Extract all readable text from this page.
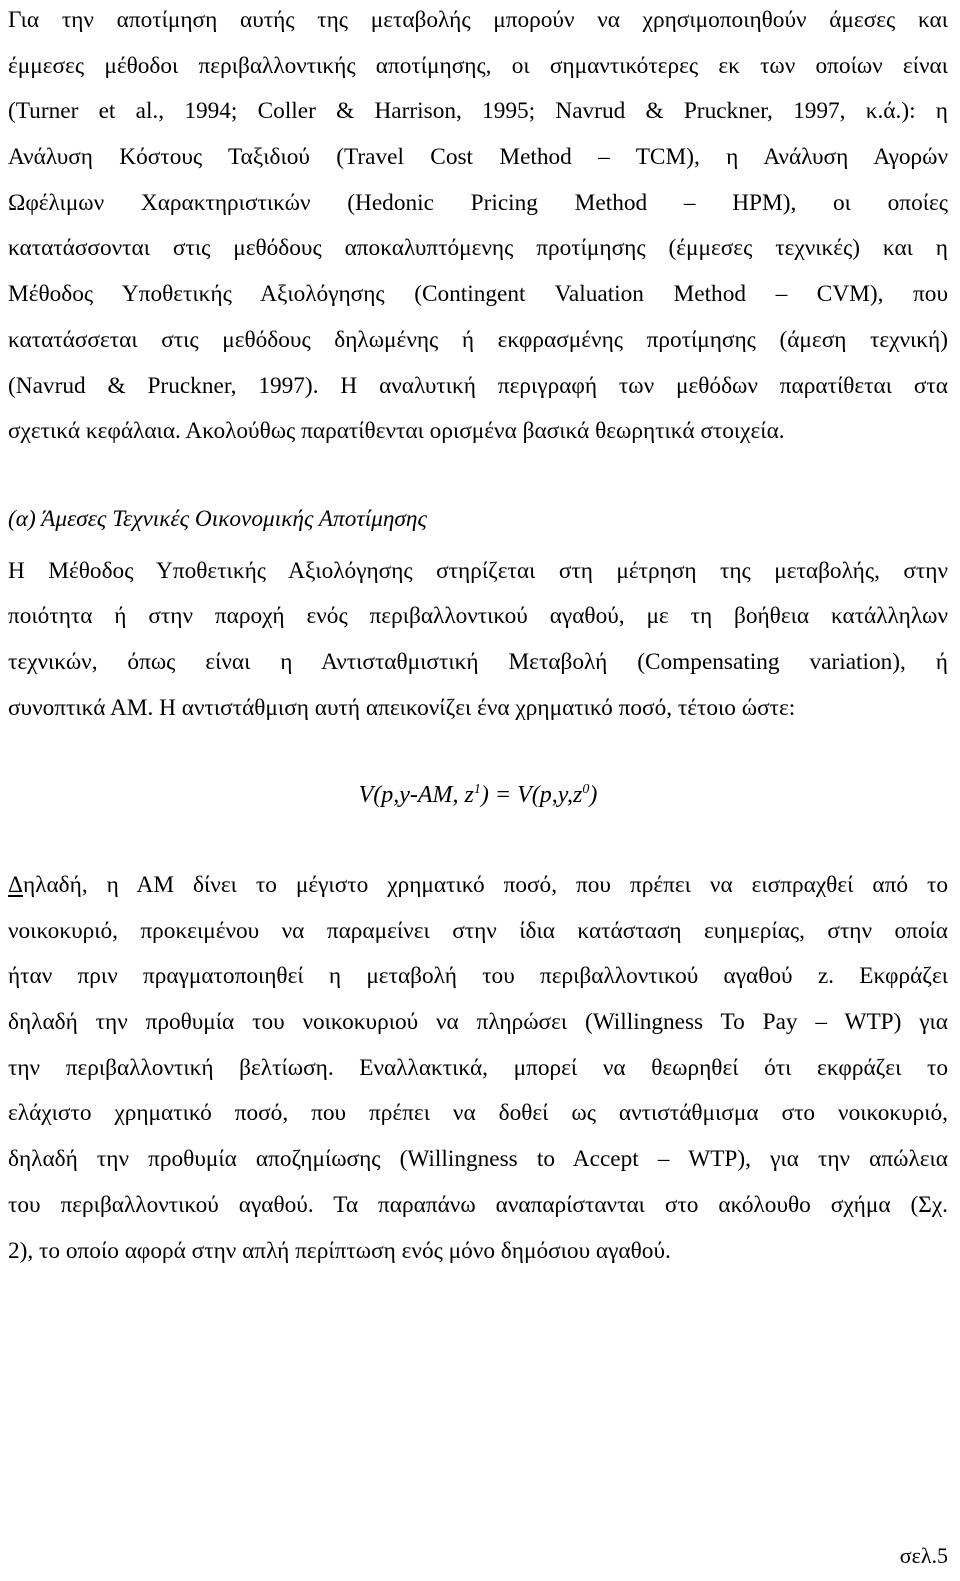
Για την αποτίμηση αυτής της μεταβολής μπορούν να χρησιμοποιηθούν άμεσες και
έμμεσες μέθοδοι περιβαλλοντικής αποτίμησης, οι σημαντικότερες εκ των οποίων είναι
(Turner et al., 1994; Coller & Harrison, 1995; Navrud & Pruckner, 1997, κ.ά.): η
Ανάλυση Κόστους Ταξιδιού (Travel Cost Method – TCM), η Ανάλυση Αγορών
Ωφέλιμων Χαρακτηριστικών (Hedonic Pricing Method – HPM), οι οποίες
κατατάσσονται στις μεθόδους αποκαλυπτόμενης προτίμησης (έμμεσες τεχνικές) και η
Μέθοδος Υποθετικής Αξιολόγησης (Contingent Valuation Method – CVM), που
κατατάσσεται στις μεθόδους δηλωμένης ή εκφρασμένης προτίμησης (άμεση τεχνική)
(Navrud & Pruckner, 1997). Η αναλυτική περιγραφή των μεθόδων παρατίθεται στα
σχετικά κεφάλαια. Ακολούθως παρατίθενται ορισμένα βασικά θεωρητικά στοιχεία.
(α) Άμεσες Τεχνικές Οικονομικής Αποτίμησης
Η Μέθοδος Υποθετικής Αξιολόγησης στηρίζεται στη μέτρηση της μεταβολής, στην
ποιότητα ή στην παροχή ενός περιβαλλοντικού αγαθού, με τη βοήθεια κατάλληλων
τεχνικών, όπως είναι η Αντισταθμιστική Μεταβολή (Compensating variation), ή
συνοπτικά ΑΜ. Η αντιστάθμιση αυτή απεικονίζει ένα χρηματικό ποσό, τέτοιο ώστε:
V(p,y-AM, $z^1) = V(p,y,z^0)$
Δηλαδή, η ΑΜ δίνει το μέγιστο χρηματικό ποσό, που πρέπει να εισπραχθεί από το
νοικοκυριό, προκειμένου να παραμείνει στην ίδια κατάσταση ευημερίας, στην οποία
ήταν πριν πραγματοποιηθεί η μεταβολή του περιβαλλοντικού αγαθού z. Εκφράζει
δηλαδή την προθυμία του νοικοκυριού να πληρώσει (Willingness To Pay – WTP) για
την περιβαλλοντική βελτίωση. Εναλλακτικά, μπορεί να θεωρηθεί ότι εκφράζει το
ελάχιστο χρηματικό ποσό, που πρέπει να δοθεί ως αντιστάθμισμα στο νοικοκυριό,
δηλαδή την προθυμία αποζημίωσης (Willingness to Accept – WTP), για την απώλεια
του περιβαλλοντικού αγαθού. Τα παραπάνω αναπαρίστανται στο ακόλουθο σχήμα (Σχ.
2), το οποίο αφορά στην απλή περίπτωση ενός μόνο δημόσιου αγαθού.
σελ.5
